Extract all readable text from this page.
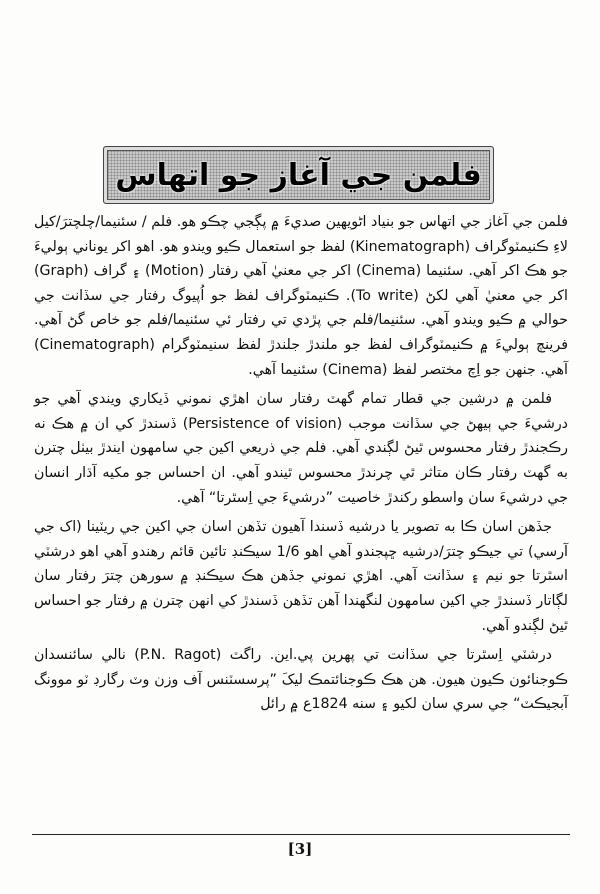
فلمن جي آغاز جو اتهاس

فلمن جي آغاز جي اتهاس جو بنياد اڻويهين صديءَ ۾ پڳجي چڪو هو. فلم / سئنيما/چلچترَ/کيل لاءِ ڪنيمٽوگراف (Kinematograph) لفظ جو استعمال ڪيو ويندو هو. اهو اکر يوناني ٻوليءَ جو هڪ اکر آهي. سئنيما (Cinema) اکر جي معنيٰ آهي رفتار (Motion) ۽ گراف (Graph) اکر جي معنيٰ آهي لکڻ (To write). ڪنيمٽوگراف لفظ جو اُپيوگ رفتار جي سڏانت جي حوالي ۾ ڪيو ويندو آهي. سئنيما/فلم جي پڙدي تي رفتار ئي سئنيما/فلم جو خاص گڻ آهي. فرينچ ٻوليءَ ۾ ڪنيمٽوگراف لفظ جو ملندڙ جلندڙ لفظ سنيمٽوگرام (Cinematograph) آهي. جنهن جو اِچ مختصر لفظ (Cinema) سئنيما آهي.

فلمن ۾ درشين جي قطار تمام گهٽ رفتار سان اهڙي نموني ڏيکاري ويندي آهي جو درشيءَ جي ٻيهڻ جي سڏانت موجب (Persistence of vision) ڏسندڙ کي ان ۾ هڪ نه رڪجندڙ رفتار محسوس ٿيڻ لڳندي آهي. فلم جي ذريعي اکين جي سامهون ايندڙ بيٺل چترن به گهٽ رفتار ڪان متاثر ٿي چرندڙ محسوس ٿيندو آهي. ان احساس جو مکيه آڌار انسان جي درشيءَ سان واسطو رکندڙ خاصيت ”درشيءَ جي اِسٿرتا“ آهي.

جڏهن اسان ڪا به تصوير يا درشيه ڏسندا آهيون تڏهن اسان جي اکين جي ريٽينا (اک جي آرسي) تي جيڪو چترَ/درشيه ڇپجندو آهي اهو 1/6 سيڪنڊ تائين قائم رهندو آهي اهو درشٽي اسٿرتا جو نيم ۽ سڏانت آهي. اهڙي نموني جڏهن هڪ سيڪنڊ ۾ سورهن چترَ رفتار سان لڳاتار ڏسندڙ جي اکين سامهون لنگهندا آهن تڏهن ڏسندڙ کي انهن چترن ۾ رفتار جو احساس ٿيڻ لڳندو آهي.

درشٽي اِسٿرتا جي سڏانت تي پهرين پي.اين. راگٽ (P.N. Ragot) نالي سائنسدان ڪوجنائون ڪيون هيون. هن هڪ ڪوجنائتمڪ ليکَ ”پرسسٽنس آف وزن وٽ رگارڊ ٽو موونگ آبجيڪٽ“ جي سري سان لکيو ۽ سنه 1824ع ۾ رائل

[3]
